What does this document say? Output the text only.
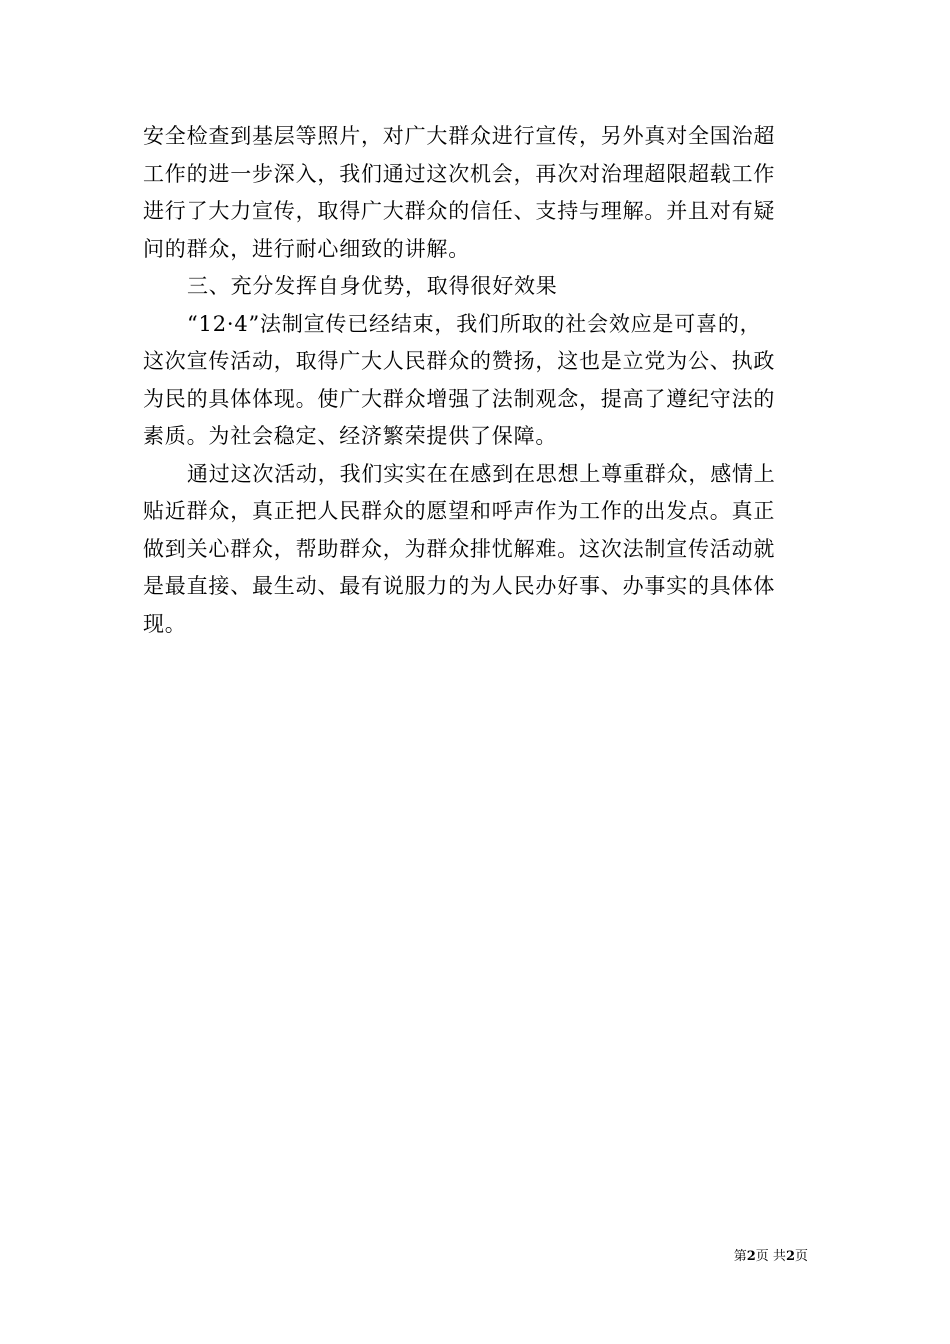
安全检查到基层等照片，对广大群众进行宣传，另外真对全国治超
工作的进一步深入，我们通过这次机会，再次对治理超限超载工作
进行了大力宣传，取得广大群众的信任、支持与理解。并且对有疑
问的群众，进行耐心细致的讲解。
三、充分发挥自身优势，取得很好效果
“12·4”法制宣传已经结束，我们所取的社会效应是可喜的，
这次宣传活动，取得广大人民群众的赞扬，这也是立党为公、执政
为民的具体体现。使广大群众增强了法制观念，提高了遵纪守法的
素质。为社会稳定、经济繁荣提供了保障。
通过这次活动，我们实实在在感到在思想上尊重群众，感情上
贴近群众，真正把人民群众的愿望和呼声作为工作的出发点。真正
做到关心群众，帮助群众，为群众排忧解难。这次法制宣传活动就
是最直接、最生动、最有说服力的为人民办好事、办事实的具体体
现。
第2页 共2页
